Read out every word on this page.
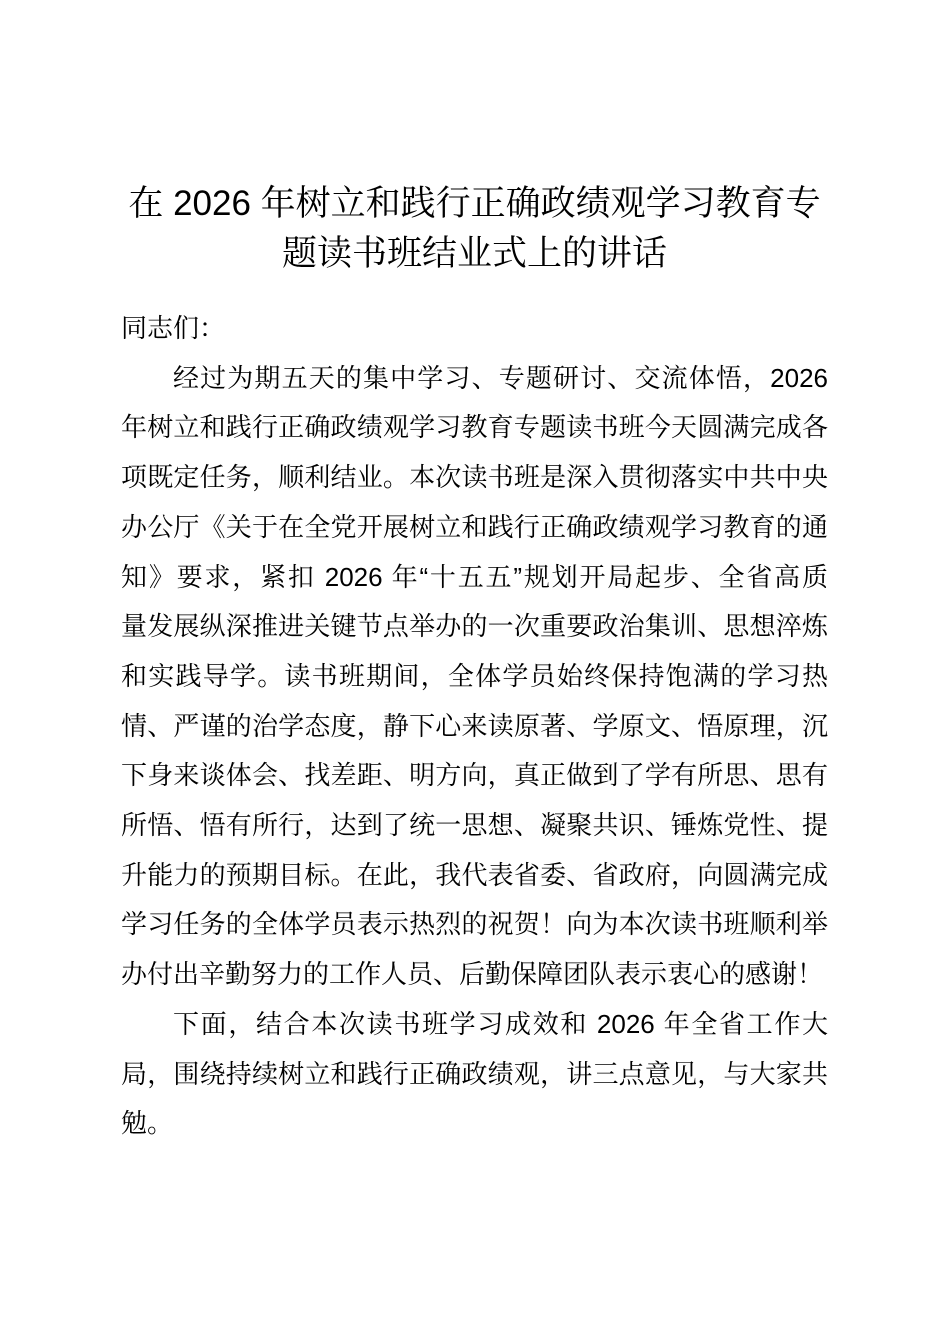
在 2026 年树立和践行正确政绩观学习教育专
题读书班结业式上的讲话
同志们：
经过为期五天的集中学习、专题研讨、交流体悟，2026
年树立和践行正确政绩观学习教育专题读书班今天圆满完成各
项既定任务，顺利结业。本次读书班是深入贯彻落实中共中央
办公厅《关于在全党开展树立和践行正确政绩观学习教育的通
知》要求，紧扣 2026 年“十五五”规划开局起步、全省高质
量发展纵深推进关键节点举办的一次重要政治集训、思想淬炼
和实践导学。读书班期间，全体学员始终保持饱满的学习热
情、严谨的治学态度，静下心来读原著、学原文、悟原理，沉
下身来谈体会、找差距、明方向，真正做到了学有所思、思有
所悟、悟有所行，达到了统一思想、凝聚共识、锤炼党性、提
升能力的预期目标。在此，我代表省委、省政府，向圆满完成
学习任务的全体学员表示热烈的祝贺！向为本次读书班顺利举
办付出辛勤努力的工作人员、后勤保障团队表示衷心的感谢！
下面，结合本次读书班学习成效和 2026 年全省工作大
局，围绕持续树立和践行正确政绩观，讲三点意见，与大家共
勉。
